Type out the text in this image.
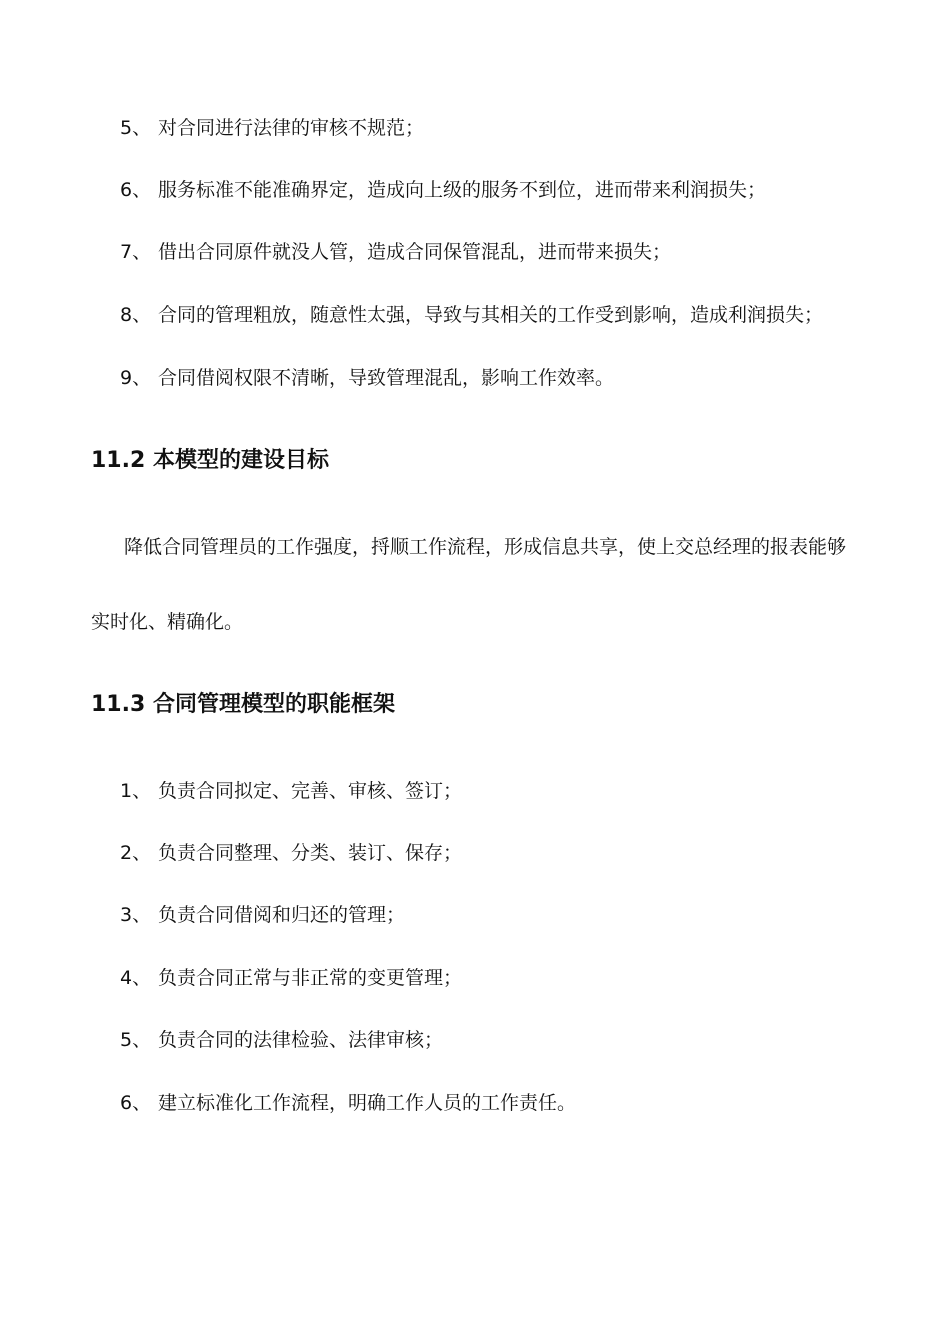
5、 对合同进行法律的审核不规范；
6、 服务标准不能准确界定，造成向上级的服务不到位，进而带来利润损失；
7、 借出合同原件就没人管，造成合同保管混乱，进而带来损失；
8、 合同的管理粗放，随意性太强，导致与其相关的工作受到影响，造成利润损失；
9、 合同借阅权限不清晰，导致管理混乱，影响工作效率。
11.2 本模型的建设目标
降低合同管理员的工作强度，捋顺工作流程，形成信息共享，使上交总经理的报表能够
实时化、精确化。
11.3 合同管理模型的职能框架
1、 负责合同拟定、完善、审核、签订；
2、 负责合同整理、分类、装订、保存；
3、 负责合同借阅和归还的管理；
4、 负责合同正常与非正常的变更管理；
5、 负责合同的法律检验、法律审核；
6、 建立标准化工作流程，明确工作人员的工作责任。
